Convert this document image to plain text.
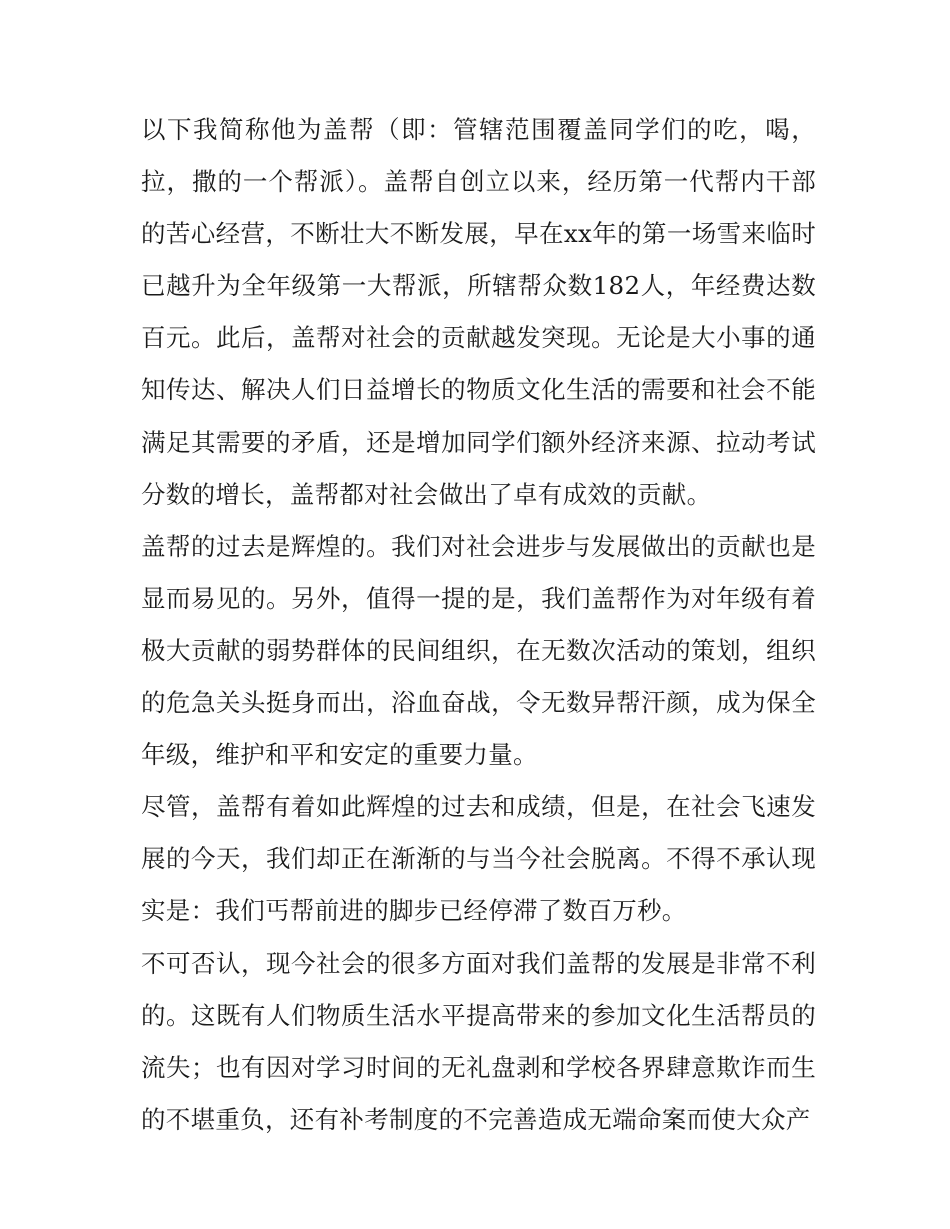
以下我简称他为盖帮（即：管辖范围覆盖同学们的吃，喝，拉，撒的一个帮派）。盖帮自创立以来，经历第一代帮内干部的苦心经营，不断壮大不断发展，早在xx年的第一场雪来临时已越升为全年级第一大帮派，所辖帮众数182人，年经费达数百元。此后，盖帮对社会的贡献越发突现。无论是大小事的通知传达、解决人们日益增长的物质文化生活的需要和社会不能满足其需要的矛盾，还是增加同学们额外经济来源、拉动考试分数的增长，盖帮都对社会做出了卓有成效的贡献。

盖帮的过去是辉煌的。我们对社会进步与发展做出的贡献也是显而易见的。另外，值得一提的是，我们盖帮作为对年级有着极大贡献的弱势群体的民间组织，在无数次活动的策划，组织的危急关头挺身而出，浴血奋战，令无数异帮汗颜，成为保全年级，维护和平和安定的重要力量。

尽管，盖帮有着如此辉煌的过去和成绩，但是，在社会飞速发展的今天，我们却正在渐渐的与当今社会脱离。不得不承认现实是：我们丐帮前进的脚步已经停滞了数百万秒。

不可否认，现今社会的很多方面对我们盖帮的发展是非常不利的。这既有人们物质生活水平提高带来的参加文化生活帮员的流失；也有因对学习时间的无礼盘剥和学校各界肆意欺诈而生的不堪重负，还有补考制度的不完善造成无端命案而使大众产
